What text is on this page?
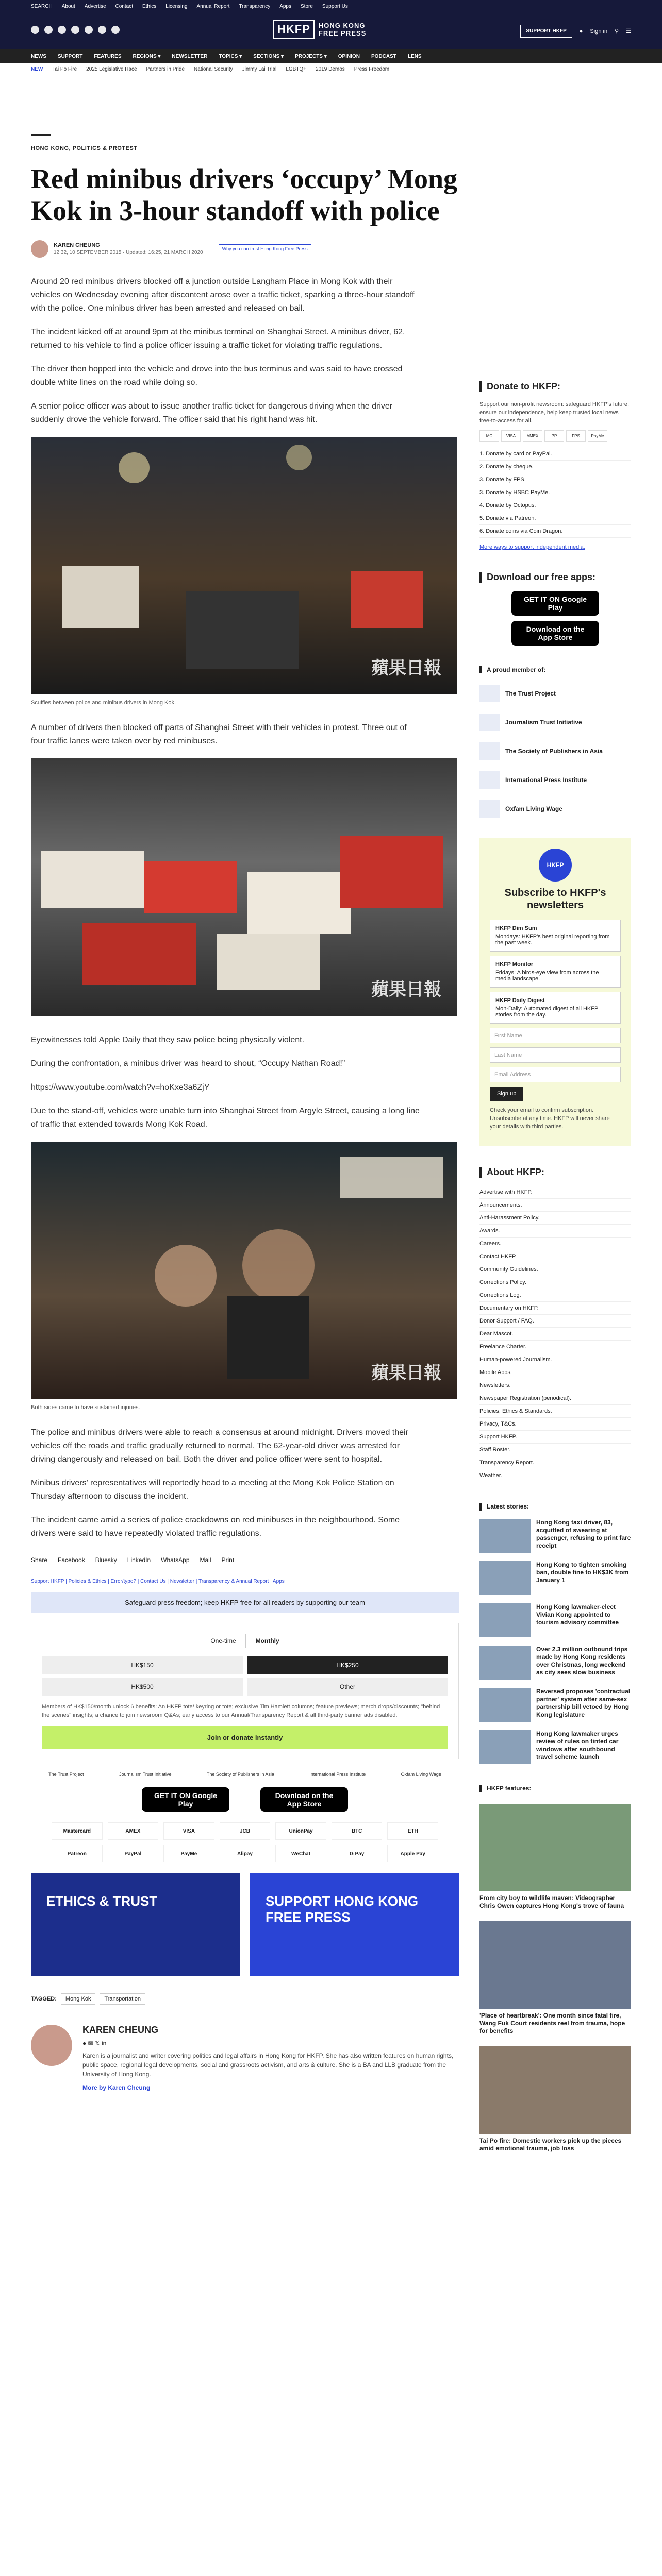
SEARCH About Advertise Contact Ethics Licensing Annual Report Transparency Apps Store Support Us
HKFP	HONG KONG
FREE PRESS	SUPPORT HKFP	● Sign in ⚲ ☰
NEWS SUPPORT FEATURES REGIONS ▾ NEWSLETTER TOPICS ▾ SECTIONS ▾ PROJECTS ▾ OPINION PODCAST LENS
NEW Tai Po Fire 2025 Legislative Race Partners in Pride National Security Jimmy Lai Trial LGBTQ+ 2019 Demos Press Freedom
HONG KONG, POLITICS & PROTEST
Red minibus drivers ‘occupy’ Mong Kok in 3-hour standoff with police
KAREN CHEUNG
12:32, 10 SEPTEMBER 2015 · Updated: 16:25, 21 MARCH 2020
Why you can trust Hong Kong Free Press

Around 20 red minibus drivers blocked off a junction outside Langham Place in Mong Kok with their vehicles on Wednesday evening after discontent arose over a traffic ticket, sparking a three-hour standoff with the police. One minibus driver has been arrested and released on bail.

The incident kicked off at around 9pm at the minibus terminal on Shanghai Street. A minibus driver, 62, returned to his vehicle to find a police officer issuing a traffic ticket for violating traffic regulations.

The driver then hopped into the vehicle and drove into the bus terminus and was said to have crossed double white lines on the road while doing so.

A senior police officer was about to issue another traffic ticket for dangerous driving when the driver suddenly drove the vehicle forward. The officer said that his right hand was hit.

蘋果日報
Scuffles between police and minibus drivers in Mong Kok.

A number of drivers then blocked off parts of Shanghai Street with their vehicles in protest. Three out of four traffic lanes were taken over by red minibuses.

蘋果日報

Eyewitnesses told Apple Daily that they saw police being physically violent.

During the confrontation, a minibus driver was heard to shout, “Occupy Nathan Road!”

https://www.youtube.com/watch?v=hoKxe3a6ZjY

Due to the stand-off, vehicles were unable turn into Shanghai Street from Argyle Street, causing a long line of traffic that extended towards Mong Kok Road.

蘋果日報
Both sides came to have sustained injuries.

The police and minibus drivers were able to reach a consensus at around midnight. Drivers moved their vehicles off the roads and traffic gradually returned to normal. The 62-year-old driver was arrested for driving dangerously and released on bail. Both the driver and police officer were sent to hospital.

Minibus drivers’ representatives will reportedly head to a meeting at the Mong Kok Police Station on Thursday afternoon to discuss the incident.

The incident came amid a series of police crackdowns on red minibuses in the neighbourhood. Some drivers were said to have repeatedly violated traffic regulations.

Share Facebook Bluesky LinkedIn WhatsApp Mail Print
Support HKFP | Policies & Ethics | Error/typo? | Contact Us | Newsletter | Transparency & Annual Report | Apps
Safeguard press freedom; keep HKFP free for all readers by supporting our team
One-time	Monthly
HK$150	HK$250
HK$500	Other
Members of HK$150/month unlock 6 benefits: An HKFP tote/ keyring or tote; exclusive Tim Hamlett columns; feature previews; merch drops/discounts; "behind the scenes" insights; a chance to join newsroom Q&As; early access to our Annual/Transparency Report & all third-party banner ads disabled.
Join or donate instantly
The Trust Project	Journalism Trust Initiative	The Society of Publishers in Asia	International Press Institute	Oxfam Living Wage
GET IT ON Google Play
Download on the App Store
Mastercard	AMEX	VISA	JCB	UnionPay	BTC	ETH
Patreon	PayPal	PayMe	Alipay	WeChat	G Pay	Apple Pay
ETHICS & TRUST	SUPPORT HONG KONG FREE PRESS
TAGGED:	Mong Kok	Transportation
KAREN CHEUNG
● ✉ 𝕏 in

Karen is a journalist and writer covering politics and legal affairs in Hong Kong for HKFP. She has also written features on human rights, public space, regional legal developments, social and grassroots activism, and arts & culture. She is a BA and LLB graduate from the University of Hong Kong.

More by Karen Cheung

Donate to HKFP:
Support our non-profit newsroom: safeguard HKFP's future, ensure our independence, help keep trusted local news free-to-access for all.
MC	VISA	AMEX	PP	FPS	PayMe
1. Donate by card or PayPal.
2. Donate by cheque.
3. Donate by FPS.
3. Donate by HSBC PayMe.
4. Donate by Octopus.
5. Donate via Patreon.
6. Donate coins via Coin Dragon.
More ways to support independent media.
Download our free apps:
GET IT ON Google Play Download on the App Store
A proud member of:
The Trust Project
Journalism Trust Initiative
The Society of Publishers in Asia
International Press Institute
Oxfam Living Wage
HKFP
Subscribe to HKFP's newsletters
HKFP Dim Sum
Mondays: HKFP's best original reporting from the past week.
HKFP Monitor
Fridays: A birds-eye view from across the media landscape.
HKFP Daily Digest
Mon-Daily: Automated digest of all HKFP stories from the day.
First Name
Last Name
Email Address
Sign up
Check your email to confirm subscription. Unsubscribe at any time. HKFP will never share your details with third parties.
About HKFP:
Advertise with HKFP.
Announcements.
Anti-Harassment Policy.
Awards.
Careers.
Contact HKFP.
Community Guidelines.
Corrections Policy.
Corrections Log.
Documentary on HKFP.
Donor Support / FAQ.
Dear Mascot.
Freelance Charter.
Human-powered Journalism.
Mobile Apps.
Newsletters.
Newspaper Registration (periodical).
Policies, Ethics & Standards.
Privacy, T&Cs.
Support HKFP.
Staff Roster.
Transparency Report.
Weather.
Latest stories:
Hong Kong taxi driver, 83, acquitted of swearing at passenger, refusing to print fare receipt
Hong Kong to tighten smoking ban, double fine to HK$3K from January 1
Hong Kong lawmaker-elect Vivian Kong appointed to tourism advisory committee
Over 2.3 million outbound trips made by Hong Kong residents over Christmas, long weekend as city sees slow business
Reversed proposes 'contractual partner' system after same-sex partnership bill vetoed by Hong Kong legislature
Hong Kong lawmaker urges review of rules on tinted car windows after southbound travel scheme launch
HKFP features:
From city boy to wildlife maven: Videographer Chris Owen captures Hong Kong's trove of fauna
'Place of heartbreak': One month since fatal fire, Wang Fuk Court residents reel from trauma, hope for benefits
Tai Po fire: Domestic workers pick up the pieces amid emotional trauma, job loss
